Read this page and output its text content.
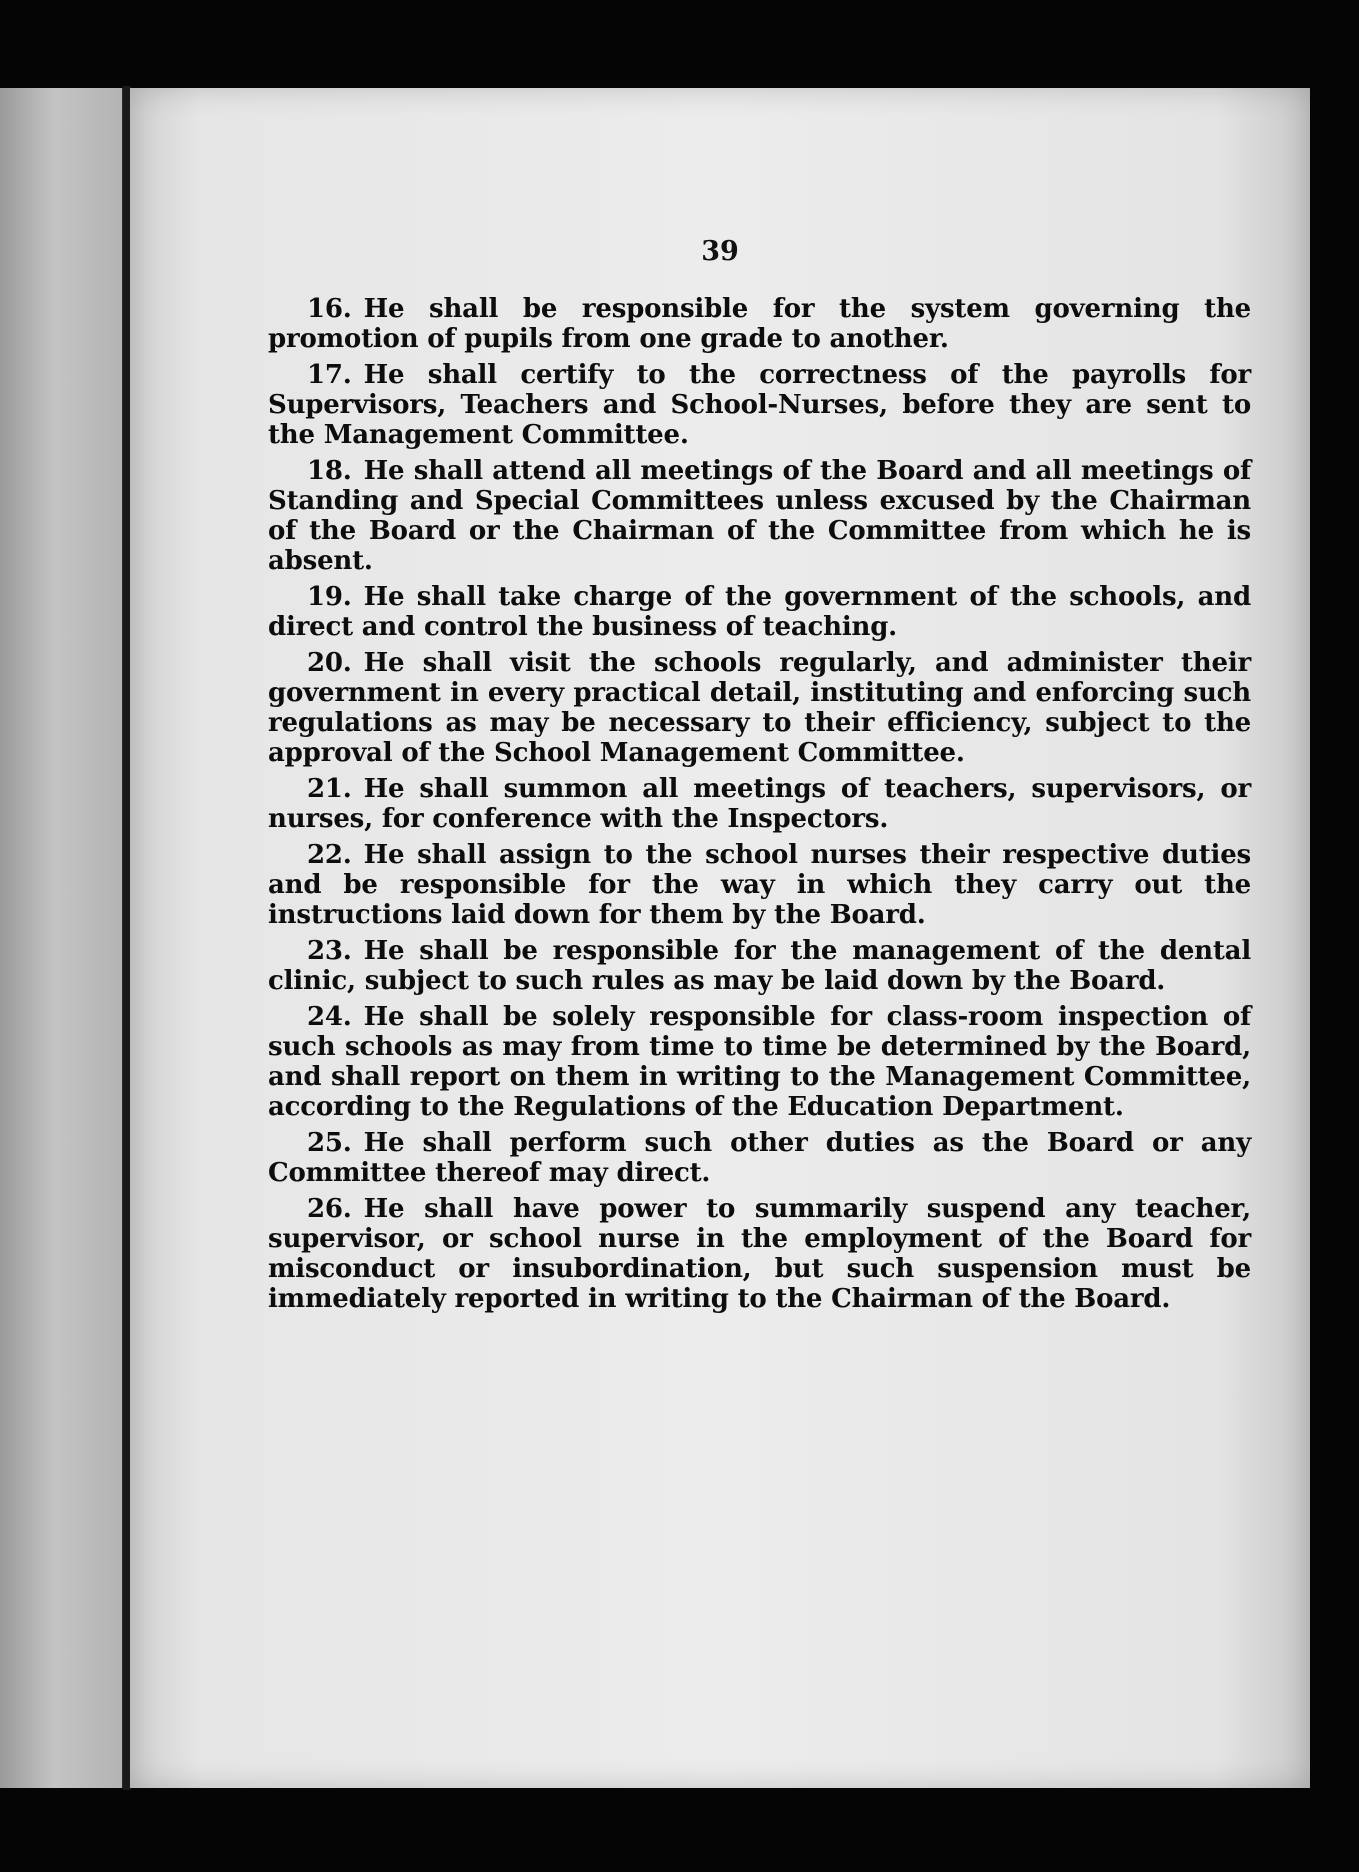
39

16. He shall be responsible for the system governing the promotion of pupils from one grade to another.

17. He shall certify to the correctness of the payrolls for Supervisors, Teachers and School-Nurses, before they are sent to the Management Committee.

18. He shall attend all meetings of the Board and all meetings of Standing and Special Committees unless excused by the Chairman of the Board or the Chairman of the Committee from which he is absent.

19. He shall take charge of the government of the schools, and direct and control the business of teaching.

20. He shall visit the schools regularly, and administer their government in every practical detail, instituting and enforcing such regulations as may be necessary to their efficiency, subject to the approval of the School Management Committee.

21. He shall summon all meetings of teachers, supervisors, or nurses, for conference with the Inspectors.

22. He shall assign to the school nurses their respective duties and be responsible for the way in which they carry out the instructions laid down for them by the Board.

23. He shall be responsible for the management of the dental clinic, subject to such rules as may be laid down by the Board.

24. He shall be solely responsible for class-room inspection of such schools as may from time to time be determined by the Board, and shall report on them in writing to the Management Committee, according to the Regulations of the Education Department.

25. He shall perform such other duties as the Board or any Committee thereof may direct.

26. He shall have power to summarily suspend any teacher, supervisor, or school nurse in the employment of the Board for misconduct or insubordination, but such suspension must be immediately reported in writing to the Chairman of the Board.
